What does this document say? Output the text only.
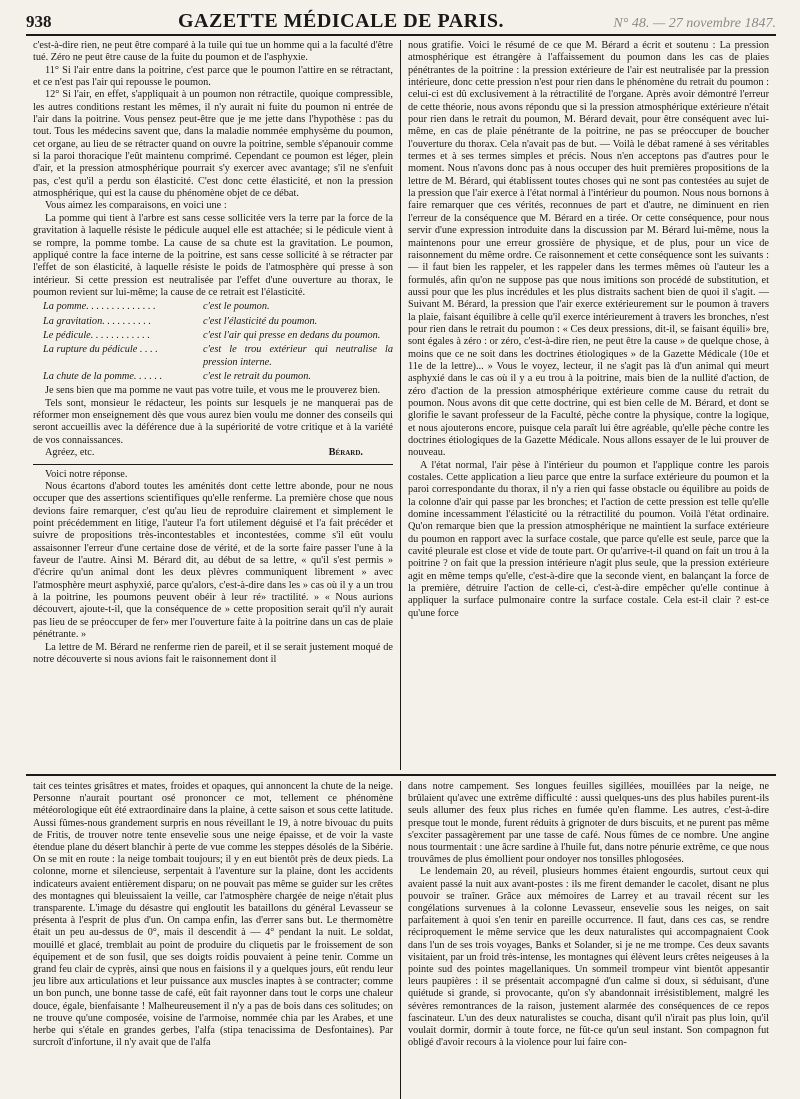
938	GAZETTE MÉDICALE DE PARIS.	N° 48. — 27 novembre 1847.

c'est-à-dire rien, ne peut être comparé à la tuile qui tue un homme qui a la faculté d'être tué. Zéro ne peut être cause de la fuite du poumon et de l'asphyxie.

11° Si l'air entre dans la poitrine, c'est parce que le poumon l'attire en se rétractant, et ce n'est pas l'air qui repousse le poumon.

12° Si l'air, en effet, s'appliquait à un poumon non rétractile, quoique compressible, les autres conditions restant les mêmes, il n'y aurait ni fuite du poumon ni entrée de l'air dans la poitrine. Vous pensez peut-être que je me jette dans l'hypothèse : pas du tout. Tous les médecins savent que, dans la maladie nommée emphysème du poumon, cet organe, au lieu de se rétracter quand on ouvre la poitrine, semble s'épanouir comme si la paroi thoracique l'eût maintenu comprimé. Cependant ce poumon est léger, plein d'air, et la pression atmosphérique pourrait s'y exercer avec avantage; s'il ne s'enfuit pas, c'est qu'il a perdu son élasticité. C'est donc cette élasticité, et non la pression atmosphérique, qui est la cause du phénomène objet de ce débat.

Vous aimez les comparaisons, en voici une :

La pomme qui tient à l'arbre est sans cesse sollicitée vers la terre par la force de la gravitation à laquelle résiste le pédicule auquel elle est attachée; si le pédicule vient à se rompre, la pomme tombe. La cause de sa chute est la gravitation. Le poumon, appliqué contre la face interne de la poitrine, est sans cesse sollicité à se rétracter par l'effet de son élasticité, à laquelle résiste le poids de l'atmosphère qui presse à son intérieur. Si cette pression est neutralisée par l'effet d'une ouverture au thorax, le poumon revient sur lui-même; la cause de ce retrait est l'élasticité.

La pomme. . . . . . . . . . . . . .	c'est le poumon.
La gravitation. . . . . . . . . .	c'est l'élasticité du poumon.
Le pédicule. . . . . . . . . . . .	c'est l'air qui presse en dedans du poumon.
La rupture du pédicule . . . .	c'est le trou extérieur qui neutralise la pression interne.
La chute de la pomme. . . . . .	c'est le retrait du poumon.

Je sens bien que ma pomme ne vaut pas votre tuile, et vous me le prouverez bien.

Tels sont, monsieur le rédacteur, les points sur lesquels je ne manquerai pas de réformer mon enseignement dès que vous aurez bien voulu me donner des conseils qui seront accueillis avec la déférence due à la supériorité de votre critique et à la variété de vos connaissances.

Agréez, etc.	Bérard.

Voici notre réponse.

Nous écartons d'abord toutes les aménités dont cette lettre abonde, pour ne nous occuper que des assertions scientifiques qu'elle renferme. La première chose que nous devions faire remarquer, c'est qu'au lieu de reproduire clairement et simplement le point précédemment en litige, l'auteur l'a fort utilement déguisé et l'a fait précéder et suivre de propositions très-incontestables et incontestées, comme s'il eût voulu assaisonner l'erreur d'une certaine dose de vérité, et de la sorte faire passer l'une à la faveur de l'autre. Ainsi M. Bérard dit, au début de sa lettre, « qu'il s'est permis » d'écrire qu'un animal dont les deux plèvres communiquent librement » avec l'atmosphère meurt asphyxié, parce qu'alors, c'est-à-dire dans les » cas où il y a un trou à la poitrine, les poumons peuvent obéir à leur ré» tractilité. » « Nous aurions découvert, ajoute-t-il, que la conséquence de » cette proposition serait qu'il n'y aurait pas lieu de se préoccuper de fer» mer l'ouverture faite à la poitrine dans un cas de plaie pénétrante. »

La lettre de M. Bérard ne renferme rien de pareil, et il se serait justement moqué de notre découverte si nous avions fait le raisonnement dont il

nous gratifie. Voici le résumé de ce que M. Bérard a écrit et soutenu : La pression atmosphérique est étrangère à l'affaissement du poumon dans les cas de plaies pénétrantes de la poitrine : la pression extérieure de l'air est neutralisée par la pression intérieure, donc cette pression n'est pour rien dans le phénomène du retrait du poumon : celui-ci est dû exclusivement à la rétractilité de l'organe. Après avoir démontré l'erreur de cette théorie, nous avons répondu que si la pression atmosphérique extérieure n'était pour rien dans le retrait du poumon, M. Bérard devait, pour être conséquent avec lui-même, en cas de plaie pénétrante de la poitrine, ne pas se préoccuper de boucher l'ouverture du thorax. Cela n'avait pas de but. — Voilà le débat ramené à ses véritables termes et à ses termes simples et précis. Nous n'en acceptons pas d'autres pour le moment. Nous n'avons donc pas à nous occuper des huit premières propositions de la lettre de M. Bérard, qui établissent toutes choses qui ne sont pas contestées au sujet de la pression que l'air exerce à l'état normal à l'intérieur du poumon. Nous nous bornons à faire remarquer que ces vérités, reconnues de part et d'autre, ne diminuent en rien l'erreur de la conséquence que M. Bérard en a tirée. Or cette conséquence, pour nous servir d'une expression introduite dans la discussion par M. Bérard lui-même, nous la maintenons pour une erreur grossière de physique, et de plus, pour un vice de raisonnement du même ordre. Ce raisonnement et cette conséquence sont les suivants : — il faut bien les rappeler, et les rappeler dans les termes mêmes où l'auteur les a formulés, afin qu'on ne suppose pas que nous imitions son procédé de substitution, et aussi pour que les plus incrédules et les plus distraits sachent bien de quoi il s'agit. — Suivant M. Bérard, la pression que l'air exerce extérieurement sur le poumon à travers la plaie, faisant équilibre à celle qu'il exerce intérieurement à travers les bronches, n'est pour rien dans le retrait du poumon : « Ces deux pressions, dit-il, se faisant équili» bre, sont égales à zéro : or zéro, c'est-à-dire rien, ne peut être la cause » de quelque chose, à moins que ce ne soit dans les doctrines étiologiques » de la Gazette Médicale (10e et 11e de la lettre)... » Vous le voyez, lecteur, il ne s'agit pas là d'un animal qui meurt asphyxié dans le cas où il y a eu trou à la poitrine, mais bien de la nullité d'action, de zéro d'action de la pression atmosphérique extérieure comme cause du retrait du poumon. Nous avons dit que cette doctrine, qui est bien celle de M. Bérard, et dont se glorifie le savant professeur de la Faculté, pèche contre la physique, contre la logique, et nous ajouterons encore, puisque cela paraît lui être agréable, qu'elle pèche contre les doctrines étiologiques de la Gazette Médicale. Nous allons essayer de le lui prouver de nouveau.

A l'état normal, l'air pèse à l'intérieur du poumon et l'applique contre les parois costales. Cette application a lieu parce que entre la surface extérieure du poumon et la paroi correspondante du thorax, il n'y a rien qui fasse obstacle ou équilibre au poids de la colonne d'air qui passe par les bronches; et l'action de cette pression est telle qu'elle domine incessamment l'élasticité ou la rétractilité du poumon. Voilà l'état ordinaire. Qu'on remarque bien que la pression atmosphérique ne maintient la surface extérieure du poumon en rapport avec la surface costale, que parce qu'elle est seule, parce que la cavité pleurale est close et vide de toute part. Or qu'arrive-t-il quand on fait un trou à la poitrine ? on fait que la pression intérieure n'agit plus seule, que la pression extérieure agit en même temps qu'elle, c'est-à-dire que la seconde vient, en balançant la force de la première, détruire l'action de celle-ci, c'est-à-dire empêcher qu'elle continue à appliquer la surface pulmonaire contre la surface costale. Cela est-il clair ? est-ce qu'une force

tait ces teintes grisâtres et mates, froides et opaques, qui annoncent la chute de la neige. Personne n'aurait pourtant osé prononcer ce mot, tellement ce phénomène météorologique eût été extraordinaire dans la plaine, à cette saison et sous cette latitude. Aussi fûmes-nous grandement surpris en nous réveillant le 19, à notre bivouac du puits de Fritis, de trouver notre tente ensevelie sous une neige épaisse, et de voir la vaste étendue plane du désert blanchir à perte de vue comme les steppes désolés de la Sibérie. On se mit en route : la neige tombait toujours; il y en eut bientôt près de deux pieds. La colonne, morne et silencieuse, serpentait à l'aventure sur la plaine, dont les accidents indicateurs avaient entièrement disparu; on ne pouvait pas même se guider sur les crêtes des montagnes qui bleuissaient la veille, car l'atmosphère chargée de neige n'était plus transparente. L'image du désastre qui engloutit les bataillons du général Levasseur se présenta à l'esprit de plus d'un. On campa enfin, las d'errer sans but. Le thermomètre était un peu au-dessus de 0°, mais il descendit à — 4° pendant la nuit. Le soldat, mouillé et glacé, tremblait au point de produire du cliquetis par le froissement de son équipement et de son fusil, que ses doigts roidis pouvaient à peine tenir. Comme un grand feu clair de cyprès, ainsi que nous en faisions il y a quelques jours, eût rendu leur jeu libre aux articulations et leur puissance aux muscles inaptes à se contracter; comme un bon punch, une bonne tasse de café, eût fait rayonner dans tout le corps une chaleur douce, égale, bienfaisante ! Malheureusement il n'y a pas de bois dans ces solitudes; on ne trouve qu'une composée, voisine de l'armoise, nommée chia par les Arabes, et une herbe qui s'étale en grandes gerbes, l'alfa (stipa tenacissima de Desfontaines). Par surcroît d'infortune, il n'y avait que de l'alfa

dans notre campement. Ses longues feuilles sigillées, mouillées par la neige, ne brûlaient qu'avec une extrême difficulté : aussi quelques-uns des plus habiles purent-ils seuls allumer des feux plus riches en fumée qu'en flamme. Les autres, c'est-à-dire presque tout le monde, furent réduits à grignoter de durs biscuits, et ne purent pas même s'exciter passagèrement par une tasse de café. Nous fûmes de ce nombre. Une angine nous tourmentait : une âcre sardine à l'huile fut, dans notre pénurie extrême, ce que nous trouvâmes de plus émollient pour ondoyer nos tonsilles phlogosées.

Le lendemain 20, au réveil, plusieurs hommes étaient engourdis, surtout ceux qui avaient passé la nuit aux avant-postes : ils me firent demander le cacolet, disant ne plus pouvoir se traîner. Grâce aux mémoires de Larrey et au travail récent sur les congélations survenues à la colonne Levasseur, ensevelie sous les neiges, on sait parfaitement à quoi s'en tenir en pareille occurrence. Il faut, dans ces cas, se rendre réciproquement le même service que les deux naturalistes qui accompagnaient Cook dans l'un de ses trois voyages, Banks et Solander, si je ne me trompe. Ces deux savants visitaient, par un froid très-intense, les montagnes qui élèvent leurs crêtes neigeuses à la pointe sud des pointes magellaniques. Un sommeil trompeur vint bientôt appesantir leurs paupières : il se présentait accompagné d'un calme si doux, si séduisant, d'une quiétude si grande, si provocante, qu'on s'y abandonnait irrésistiblement, malgré les sévères remontrances de la raison, justement alarmée des conséquences de ce repos fascinateur. L'un des deux naturalistes se coucha, disant qu'il n'irait pas plus loin, qu'il voulait dormir, dormir à toute force, ne fût-ce qu'un seul instant. Son compagnon fut obligé d'avoir recours à la violence pour lui faire con-
